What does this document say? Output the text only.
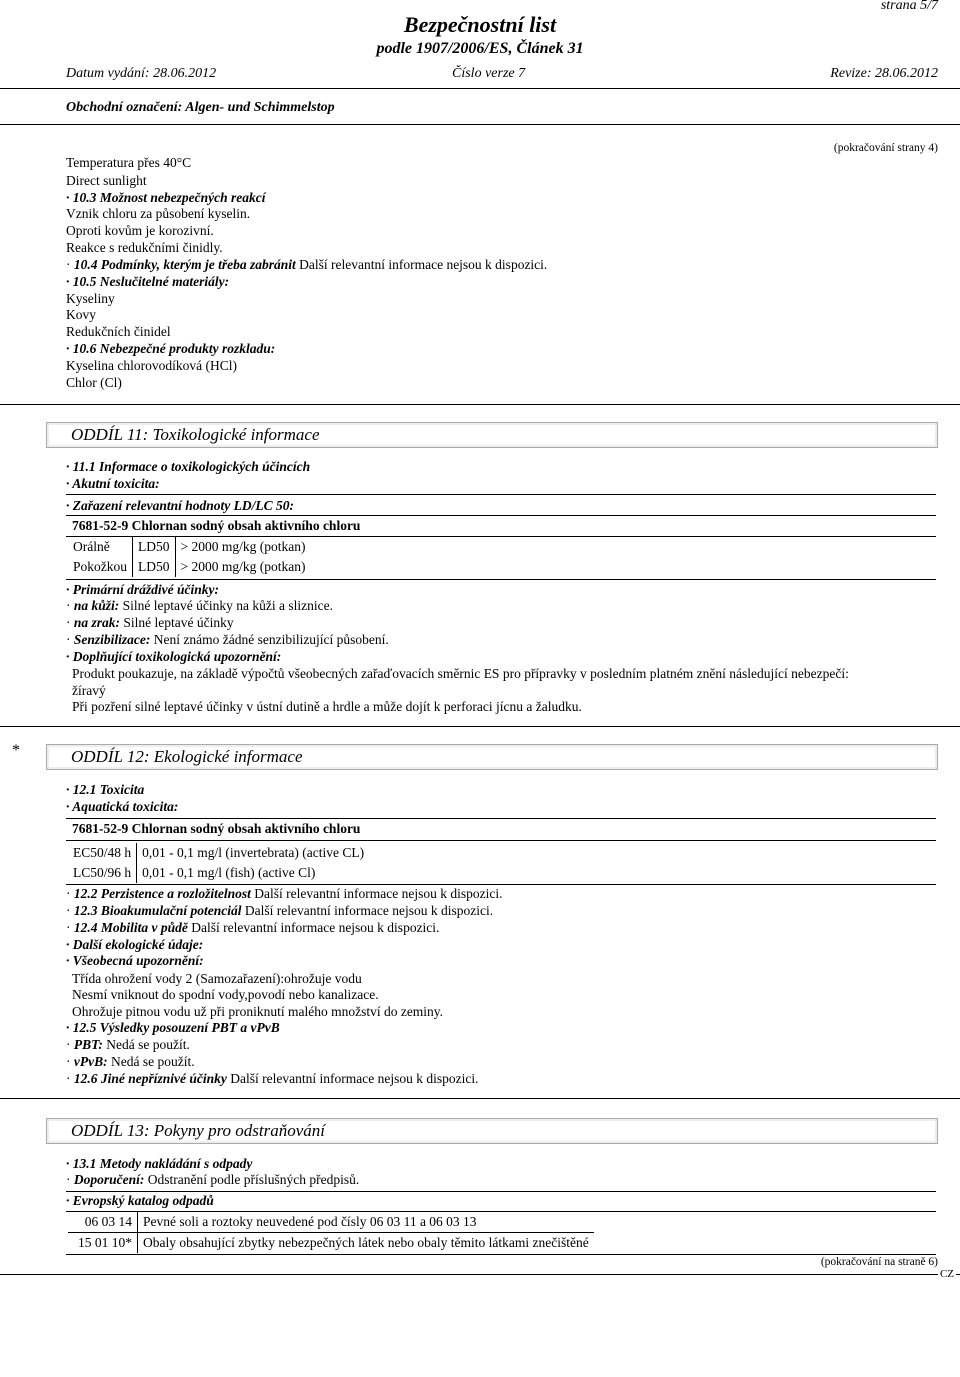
strana 5/7
Bezpečnostní list
podle 1907/2006/ES, Článek 31
Datum vydání: 28.06.2012	Číslo verze 7	Revize: 28.06.2012
Obchodní označení: Algen- und Schimmelstop
(pokračování strany 4)
Temperatura přes 40°C
Direct sunlight
· 10.3 Možnost nebezpečných reakcí
Vznik chloru za působení kyselin.
Oproti kovům je korozivní.
Reakce s redukčními činidly.
· 10.4 Podmínky, kterým je třeba zabránit Další relevantní informace nejsou k dispozici.
· 10.5 Neslučitelné materiály:
Kyseliny
Kovy
Redukčních činidel
· 10.6 Nebezpečné produkty rozkladu:
Kyselina chlorovodíková (HCl)
Chlor (Cl)
ODDÍL 11: Toxikologické informace
· 11.1 Informace o toxikologických účincích
· Akutní toxicita:
· Zařazení relevantní hodnoty LD/LC 50:
7681-52-9 Chlornan sodný obsah aktivního chloru
Orálně	LD50	> 2000 mg/kg (potkan)
Pokožkou	LD50	> 2000 mg/kg (potkan)
· Primární dráždivé účinky:
· na kůži: Silné leptavé účinky na kůži a sliznice.
· na zrak: Silné leptavé účinky
· Senzibilizace: Není známo žádné senzibilizující působení.
· Doplňující toxikologická upozornění:
Produkt poukazuje, na základě výpočtů všeobecných zařaďovacích směrnic ES pro přípravky v posledním platném znění následující nebezpečí:
žíravý
Při pozření silné leptavé účinky v ústní dutině a hrdle a může dojít k perforaci jícnu a žaludku.
*	ODDÍL 12: Ekologické informace
· 12.1 Toxicita
· Aquatická toxicita:
7681-52-9 Chlornan sodný obsah aktivního chloru
EC50/48 h	0,01 - 0,1 mg/l (invertebrata) (active CL)
LC50/96 h	0,01 - 0,1 mg/l (fish) (active Cl)
· 12.2 Perzistence a rozložitelnost Další relevantní informace nejsou k dispozici.
· 12.3 Bioakumulační potenciál Další relevantní informace nejsou k dispozici.
· 12.4 Mobilita v půdě Další relevantní informace nejsou k dispozici.
· Další ekologické údaje:
· Všeobecná upozornění:
Třída ohrožení vody 2 (Samozařazení):ohrožuje vodu
Nesmí vniknout do spodní vody,povodí nebo kanalizace.
Ohrožuje pitnou vodu už při proniknutí malého množství do zeminy.
· 12.5 Výsledky posouzení PBT a vPvB
· PBT: Nedá se použít.
· vPvB: Nedá se použít.
· 12.6 Jiné nepříznivé účinky Další relevantní informace nejsou k dispozici.
ODDÍL 13: Pokyny pro odstraňování
· 13.1 Metody nakládání s odpady
· Doporučení: Odstranění podle příslušných předpisů.
· Evropský katalog odpadů
06 03 14	Pevné soli a roztoky neuvedené pod čísly 06 03 11 a 06 03 13
15 01 10*	Obaly obsahující zbytky nebezpečných látek nebo obaly těmito látkami znečištěné
(pokračování na straně 6)
CZ
